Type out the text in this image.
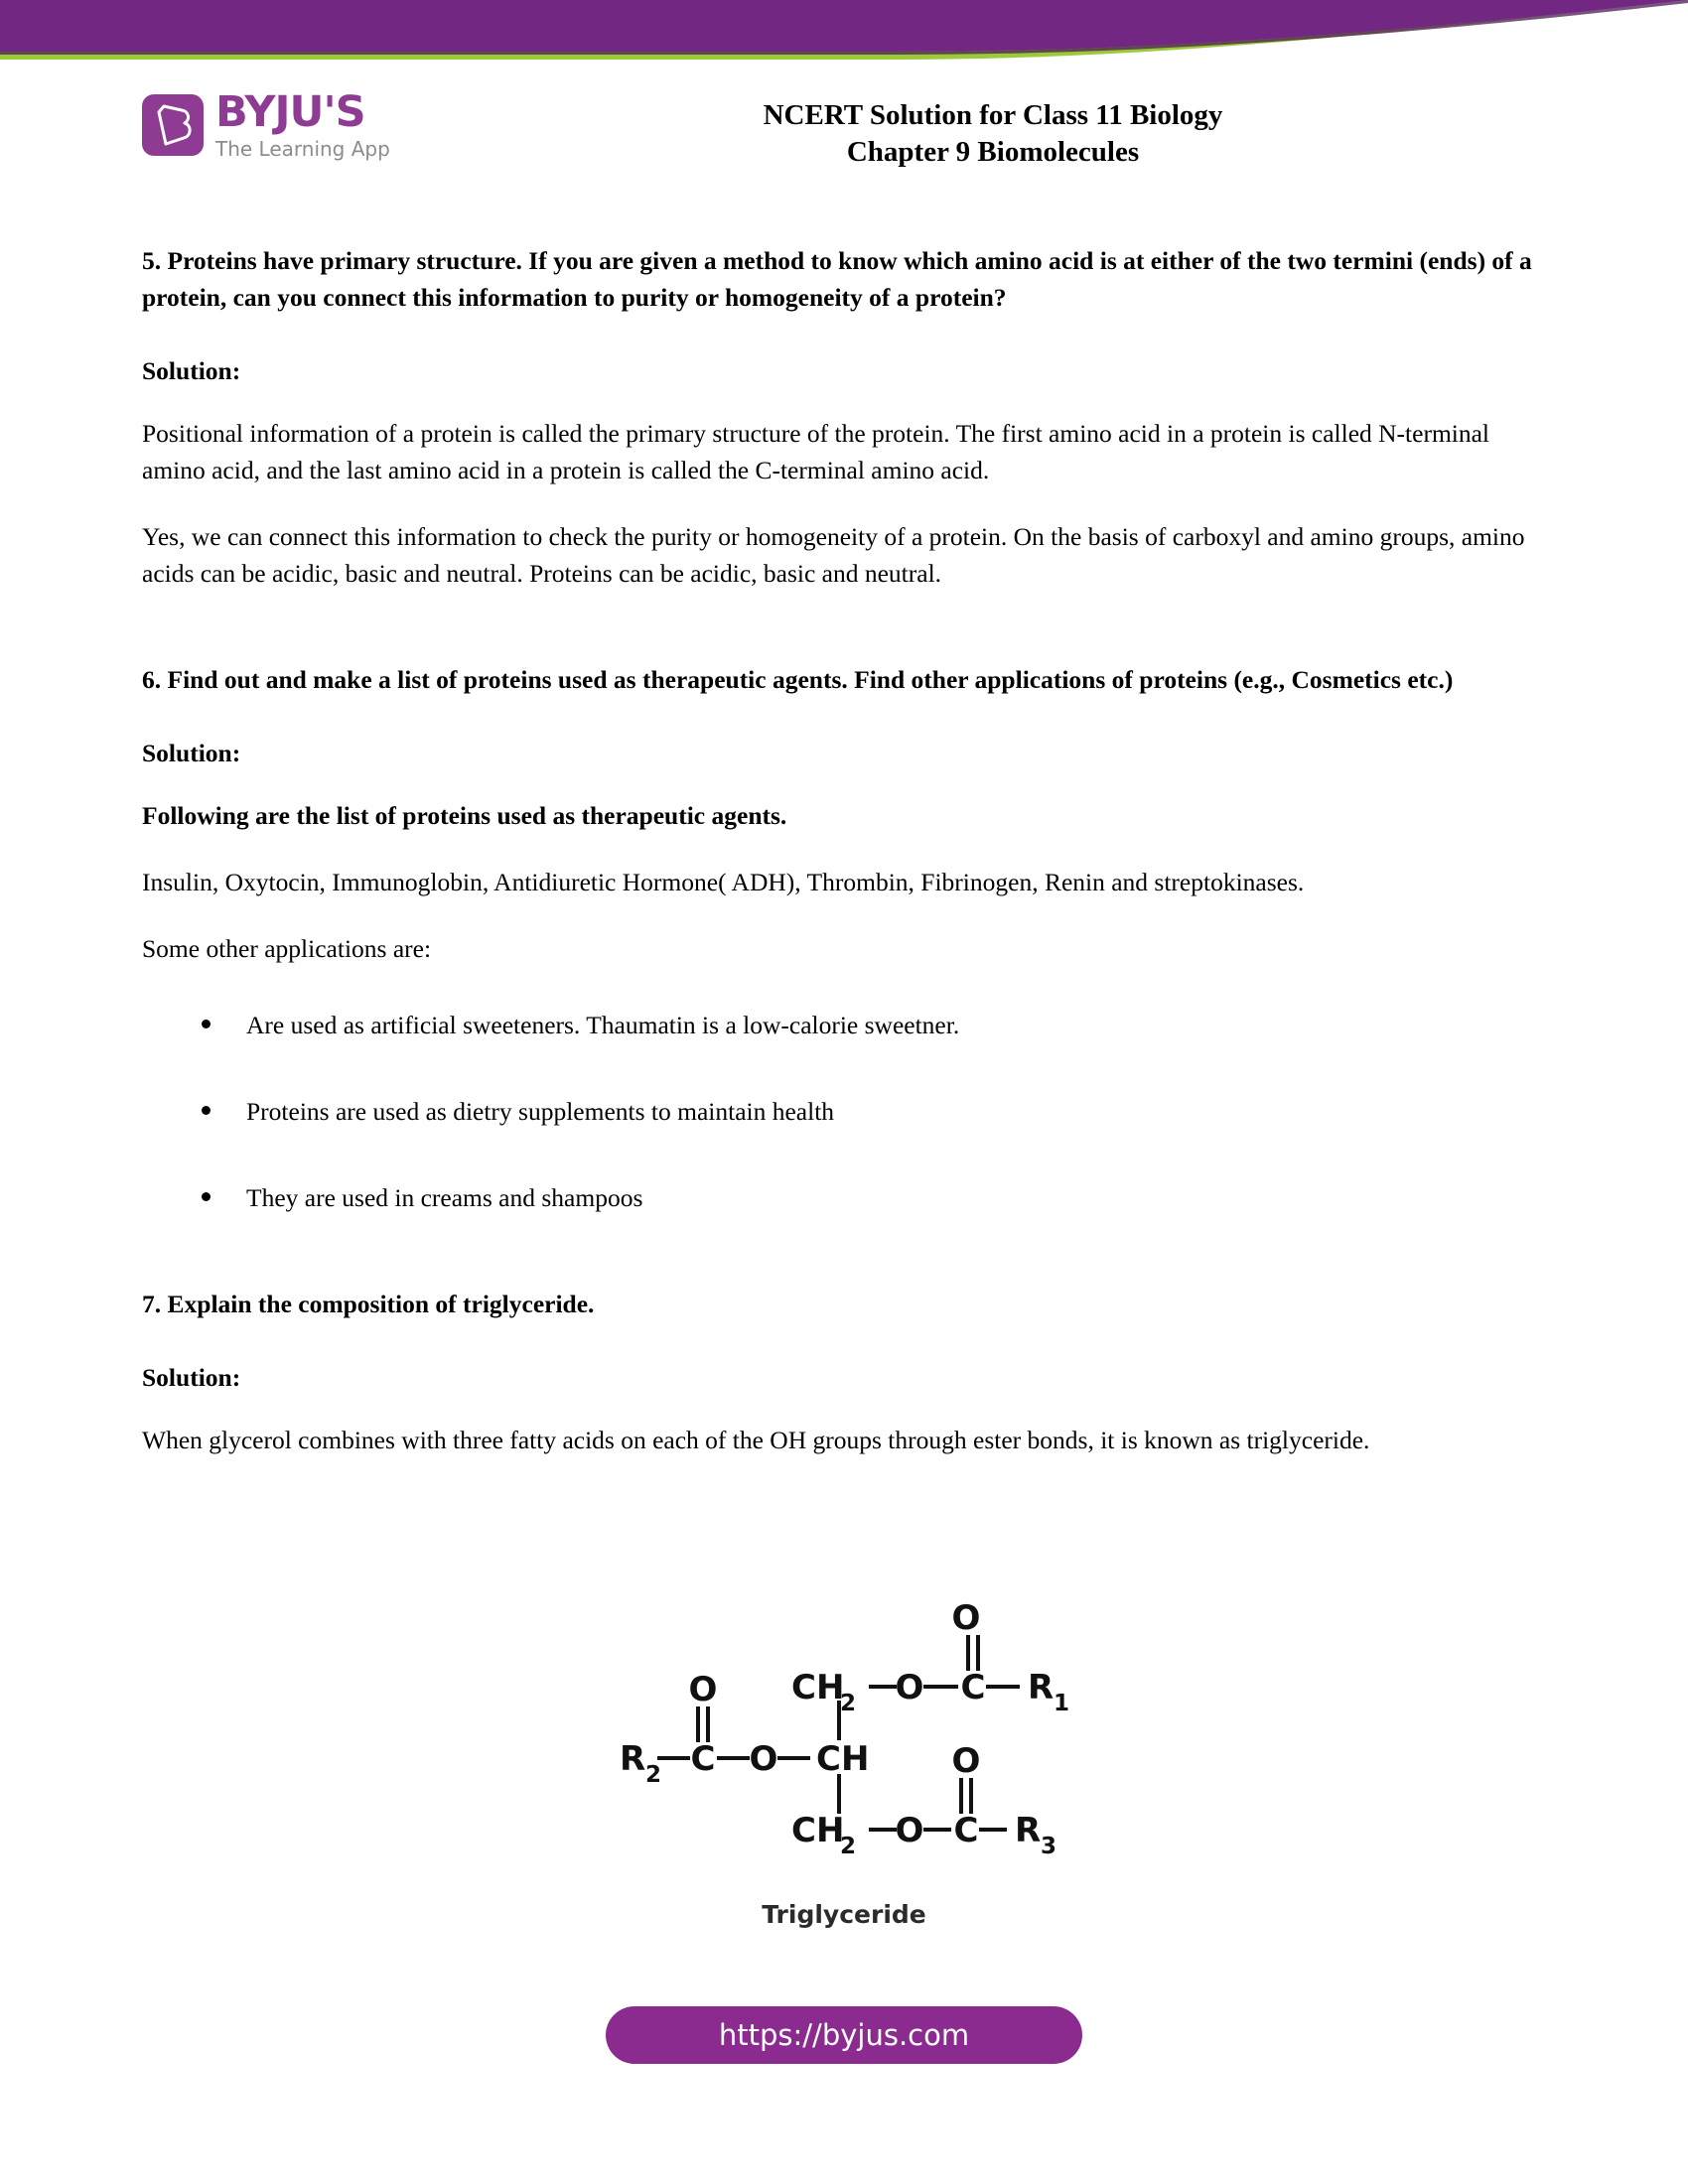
BYJU'S
The Learning App
NCERT Solution for Class 11 Biology
Chapter 9 Biomolecules

5. Proteins have primary structure. If you are given a method to know which amino acid is at either of the two termini (ends) of a protein, can you connect this information to purity or homogeneity of a protein?

Solution:

Positional information of a protein is called the primary structure of the protein. The first amino acid in a protein is called N-terminal amino acid, and the last amino acid in a protein is called the C-terminal amino acid.

Yes, we can connect this information to check the purity or homogeneity of a protein. On the basis of carboxyl and amino groups, amino acids can be acidic, basic and neutral. Proteins can be acidic, basic and neutral.

6. Find out and make a list of proteins used as therapeutic agents. Find other applications of proteins (e.g., Cosmetics etc.)

Solution:

Following are the list of proteins used as therapeutic agents.

Insulin, Oxytocin, Immunoglobin, Antidiuretic Hormone( ADH), Thrombin, Fibrinogen, Renin and streptokinases.

Some other applications are:

Are used as artificial sweeteners. Thaumatin is a low-calorie sweetner.
Proteins are used as dietry supplements to maintain health
They are used in creams and shampoos

7. Explain the composition of triglyceride.

Solution:

When glycerol combines with three fatty acids on each of the OH groups through ester bonds, it is known as triglyceride.

O
CH
2 O C R 1
O
R 2 C O CH O
CH
2 O C R 3
Triglyceride
https://byjus.com
